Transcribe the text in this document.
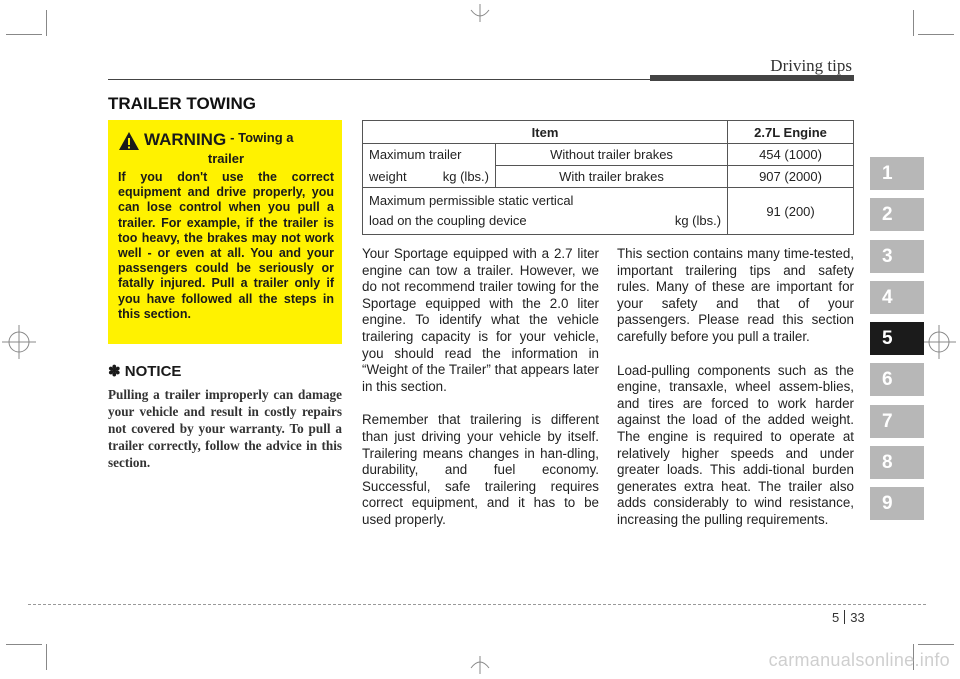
Driving tips
TRAILER TOWING
WARNING - Towing a
trailer

If you don't use the correct equipment and drive properly, you can lose control when you pull a trailer. For example, if the trailer is too heavy, the brakes may not work well - or even at all. You and your passengers could be seriously or fatally injured. Pull a trailer only if you have followed all the steps in this section.

✽ NOTICE

Pulling a trailer improperly can damage your vehicle and result in costly repairs not covered by your warranty. To pull a trailer correctly, follow the advice in this section.

Item		2.7L Engine
Maximum trailer	Without trailer brakes	454 (1000)

weight kg (lbs.)	With trailer brakes	907 (2000)

Maximum permissible static vertical
load on the coupling device kg (lbs.)		91 (200)

Your Sportage equipped with a 2.7 liter engine can tow a trailer. However, we do not recommend trailer towing for the Sportage equipped with the 2.0 liter engine. To identify what the vehicle trailering capacity is for your vehicle, you should read the information in “Weight of the Trailer” that appears later in this section.

Remember that trailering is different than just driving your vehicle by itself. Trailering means changes in han-dling, durability, and fuel economy. Successful, safe trailering requires correct equipment, and it has to be used properly.

This section contains many time-tested, important trailering tips and safety rules. Many of these are important for your safety and that of your passengers. Please read this section carefully before you pull a trailer.

Load-pulling components such as the engine, transaxle, wheel assem-blies, and tires are forced to work harder against the load of the added weight. The engine is required to operate at relatively higher speeds and under greater loads. This addi-tional burden generates extra heat. The trailer also adds considerably to wind resistance, increasing the pulling requirements.

1
2
3
4
5
6
7
8
9
5 33
carmanualsonline.info
